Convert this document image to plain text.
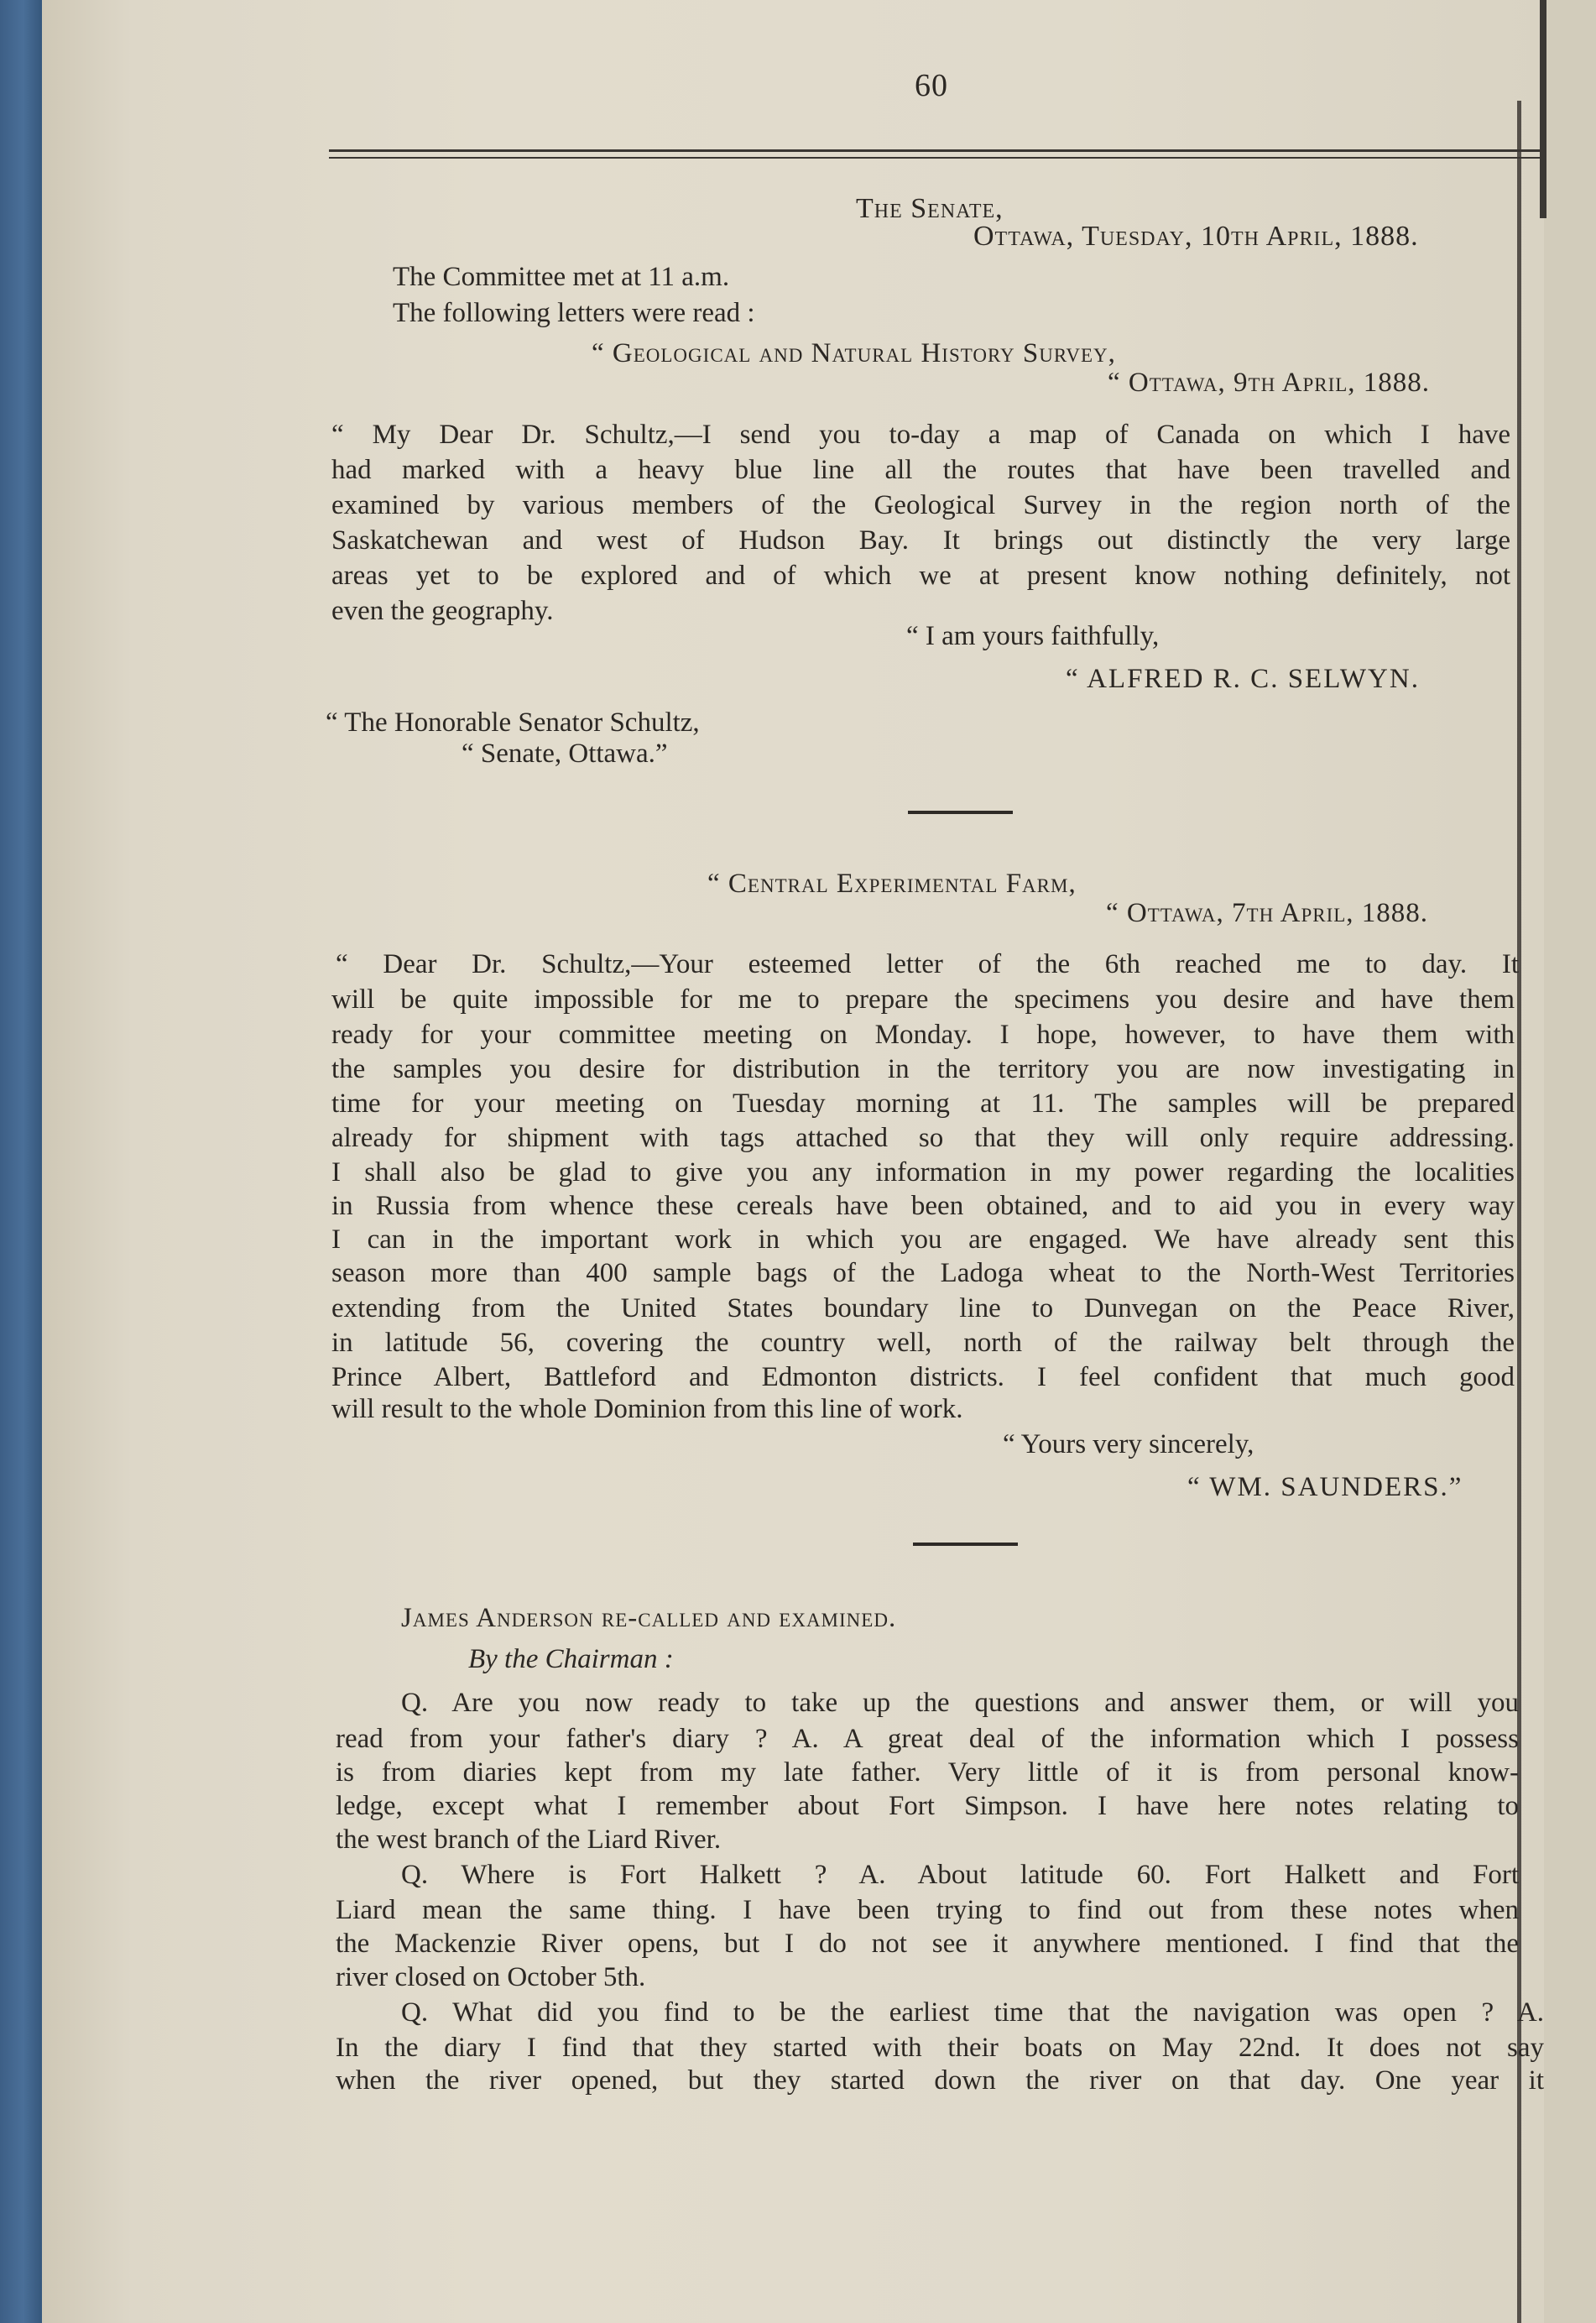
60
The Senate,
Ottawa, Tuesday, 10th April, 1888.
The Committee met at 11 a.m.
The following letters were read :
“ Geological and Natural History Survey,
“ Ottawa, 9th April, 1888.
“ My Dear Dr. Schultz,—I send you to-day a map of Canada on which I have
had marked with a heavy blue line all the routes that have been travelled and
examined by various members of the Geological Survey in the region north of the
Saskatchewan and west of Hudson Bay. It brings out distinctly the very large
areas yet to be explored and of which we at present know nothing definitely, not
even the geography.
“ I am yours faithfully,
“ ALFRED R. C. SELWYN.
“ The Honorable Senator Schultz,
“ Senate, Ottawa.”
“ Central Experimental Farm,
“ Ottawa, 7th April, 1888.
“ Dear Dr. Schultz,—Your esteemed letter of the 6th reached me to day. It
will be quite impossible for me to prepare the specimens you desire and have them
ready for your committee meeting on Monday. I hope, however, to have them with
the samples you desire for distribution in the territory you are now investigating in
time for your meeting on Tuesday morning at 11. The samples will be prepared
already for shipment with tags attached so that they will only require addressing.
I shall also be glad to give you any information in my power regarding the localities
in Russia from whence these cereals have been obtained, and to aid you in every way
I can in the important work in which you are engaged. We have already sent this
season more than 400 sample bags of the Ladoga wheat to the North-West Territories
extending from the United States boundary line to Dunvegan on the Peace River,
in latitude 56, covering the country well, north of the railway belt through the
Prince Albert, Battleford and Edmonton districts. I feel confident that much good
will result to the whole Dominion from this line of work.
“ Yours very sincerely,
“ WM. SAUNDERS.”
James Anderson re-called and examined.
By the Chairman :
Q. Are you now ready to take up the questions and answer them, or will you
read from your father's diary ? A. A great deal of the information which I possess
is from diaries kept from my late father. Very little of it is from personal know-
ledge, except what I remember about Fort Simpson. I have here notes relating to
the west branch of the Liard River.
Q. Where is Fort Halkett ? A. About latitude 60. Fort Halkett and Fort
Liard mean the same thing. I have been trying to find out from these notes when
the Mackenzie River opens, but I do not see it anywhere mentioned. I find that the
river closed on October 5th.
Q. What did you find to be the earliest time that the navigation was open ? A.
In the diary I find that they started with their boats on May 22nd. It does not say
when the river opened, but they started down the river on that day. One year it
